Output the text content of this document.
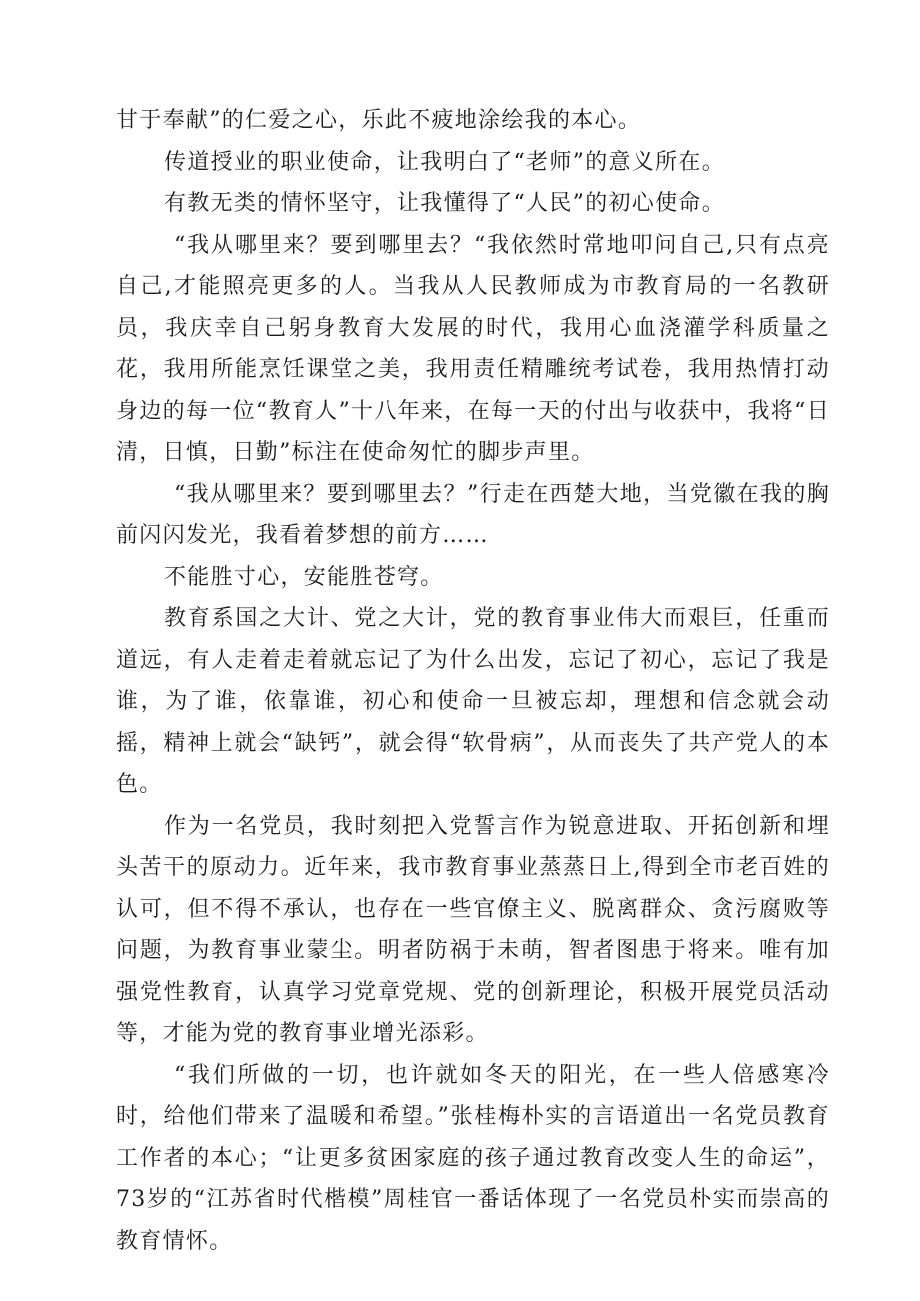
甘于奉献”的仁爱之心，乐此不疲地涂绘我的本心。

传道授业的职业使命，让我明白了“老师”的意义所在。

有教无类的情怀坚守，让我懂得了“人民”的初心使命。

“我从哪里来？要到哪里去？“我依然时常地叩问自己,只有点亮自己,才能照亮更多的人。当我从人民教师成为市教育局的一名教研员，我庆幸自己躬身教育大发展的时代，我用心血浇灌学科质量之花，我用所能烹饪课堂之美，我用责任精雕统考试卷，我用热情打动身边的每一位“教育人”十八年来，在每一天的付出与收获中，我将“日清，日慎，日勤”标注在使命匆忙的脚步声里。

“我从哪里来？要到哪里去？”行走在西楚大地，当党徽在我的胸前闪闪发光，我看着梦想的前方……

不能胜寸心，安能胜苍穹。

教育系国之大计、党之大计，党的教育事业伟大而艰巨，任重而道远，有人走着走着就忘记了为什么出发，忘记了初心，忘记了我是谁，为了谁，依靠谁，初心和使命一旦被忘却，理想和信念就会动摇，精神上就会“缺钙”，就会得“软骨病”，从而丧失了共产党人的本色。

作为一名党员，我时刻把入党誓言作为锐意进取、开拓创新和埋头苦干的原动力。近年来，我市教育事业蒸蒸日上,得到全市老百姓的认可，但不得不承认，也存在一些官僚主义、脱离群众、贪污腐败等问题，为教育事业蒙尘。明者防祸于未萌，智者图患于将来。唯有加强党性教育，认真学习党章党规、党的创新理论，积极开展党员活动等，才能为党的教育事业增光添彩。

“我们所做的一切，也许就如冬天的阳光，在一些人倍感寒冷时，给他们带来了温暖和希望。”张桂梅朴实的言语道出一名党员教育工作者的本心；“让更多贫困家庭的孩子通过教育改变人生的命运”，73岁的“江苏省时代楷模”周桂官一番话体现了一名党员朴实而崇高的教育情怀。
